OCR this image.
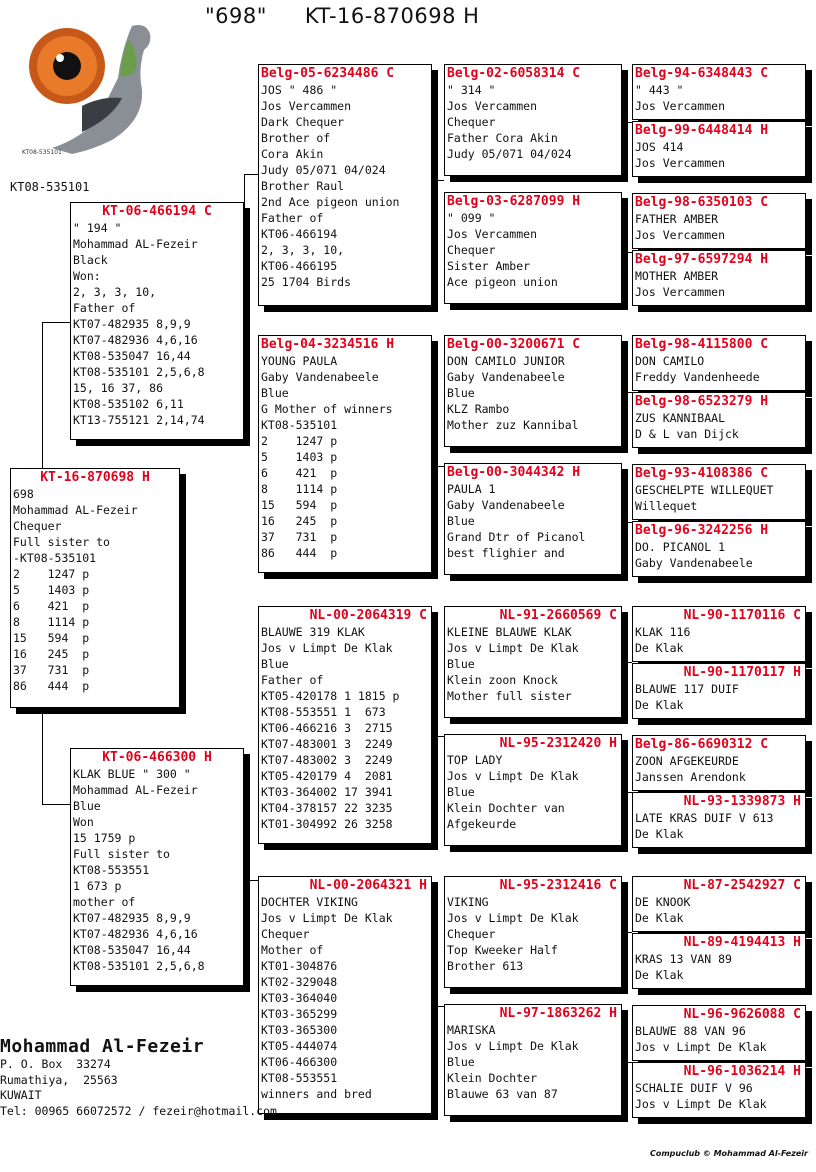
"698" KT-16-870698 H
KT08-535101
KT08-535101
KT-16-870698 H
698
Mohammad AL-Fezeir
Chequer
Full sister to
-KT08-535101
2    1247 p
5    1403 p
6    421  p
8    1114 p
15   594  p
16   245  p
37   731  p
86   444  p
KT-06-466194 C
" 194 "
Mohammad AL-Fezeir
Black
Won:
2, 3, 3, 10,
Father of
KT07-482935 8,9,9
KT07-482936 4,6,16
KT08-535047 16,44
KT08-535101 2,5,6,8
15, 16 37, 86
KT08-535102 6,11
KT13-755121 2,14,74
KT-06-466300 H
KLAK BLUE " 300 "
Mohammad AL-Fezeir
Blue
Won
15 1759 p
Full sister to
KT08-553551
1 673 p
mother of
KT07-482935 8,9,9
KT07-482936 4,6,16
KT08-535047 16,44
KT08-535101 2,5,6,8
Belg-05-6234486 C
JOS " 486 "
Jos Vercammen
Dark Chequer
Brother of
Cora Akin
Judy 05/071 04/024
Brother Raul
2nd Ace pigeon union
Father of
KT06-466194
2, 3, 3, 10,
KT06-466195
25 1704 Birds
Belg-04-3234516 H
YOUNG PAULA
Gaby Vandenabeele
Blue
G Mother of winners
KT08-535101
2    1247 p
5    1403 p
6    421  p
8    1114 p
15   594  p
16   245  p
37   731  p
86   444  p
NL-00-2064319 C
BLAUWE 319 KLAK
Jos v Limpt De Klak
Blue
Father of
KT05-420178 1 1815 p
KT08-553551 1  673
KT06-466216 3  2715
KT07-483001 3  2249
KT07-483002 3  2249
KT05-420179 4  2081
KT03-364002 17 3941
KT04-378157 22 3235
KT01-304992 26 3258
NL-00-2064321 H
DOCHTER VIKING
Jos v Limpt De Klak
Chequer
Mother of
KT01-304876
KT02-329048
KT03-364040
KT03-365299
KT03-365300
KT05-444074
KT06-466300
KT08-553551
winners and bred
Belg-02-6058314 C
" 314 "
Jos Vercammen
Chequer
Father Cora Akin
Judy 05/071 04/024
Belg-03-6287099 H
" 099 "
Jos Vercammen
Chequer
Sister Amber
Ace pigeon union
Belg-00-3200671 C
DON CAMILO JUNIOR
Gaby Vandenabeele
Blue
KLZ Rambo
Mother zuz Kannibal
Belg-00-3044342 H
PAULA 1
Gaby Vandenabeele
Blue
Grand Dtr of Picanol
best flighier and
NL-91-2660569 C
KLEINE BLAUWE KLAK
Jos v Limpt De Klak
Blue
Klein zoon Knock
Mother full sister
NL-95-2312420 H
TOP LADY
Jos v Limpt De Klak
Blue
Klein Dochter van
Afgekeurde
NL-95-2312416 C
VIKING
Jos v Limpt De Klak
Chequer
Top Kweeker Half
Brother 613
NL-97-1863262 H
MARISKA
Jos v Limpt De Klak
Blue
Klein Dochter
Blauwe 63 van 87
Belg-94-6348443 C
" 443 "
Jos Vercammen
Belg-99-6448414 H
JOS 414
Jos Vercammen
Belg-98-6350103 C
FATHER AMBER
Jos Vercammen
Belg-97-6597294 H
MOTHER AMBER
Jos Vercammen
Belg-98-4115800 C
DON CAMILO
Freddy Vandenheede
Belg-98-6523279 H
ZUS KANNIBAAL
D & L van Dijck
Belg-93-4108386 C
GESCHELPTE WILLEQUET
Willequet
Belg-96-3242256 H
DO. PICANOL 1
Gaby Vandenabeele
NL-90-1170116 C
KLAK 116
De Klak
NL-90-1170117 H
BLAUWE 117 DUIF
De Klak
Belg-86-6690312 C
ZOON AFGEKEURDE
Janssen Arendonk
NL-93-1339873 H
LATE KRAS DUIF V 613
De Klak
NL-87-2542927 C
DE KNOOK
De Klak
NL-89-4194413 H
KRAS 13 VAN 89
De Klak
NL-96-9626088 C
BLAUWE 88 VAN 96
Jos v Limpt De Klak
NL-96-1036214 H
SCHALIE DUIF V 96
Jos v Limpt De Klak
Mohammad Al-Fezeir
P. O. Box  33274
Rumathiya,  25563
KUWAIT
Tel: 00965 66072572 / fezeir@hotmail.com
Compuclub © Mohammad Al-Fezeir
